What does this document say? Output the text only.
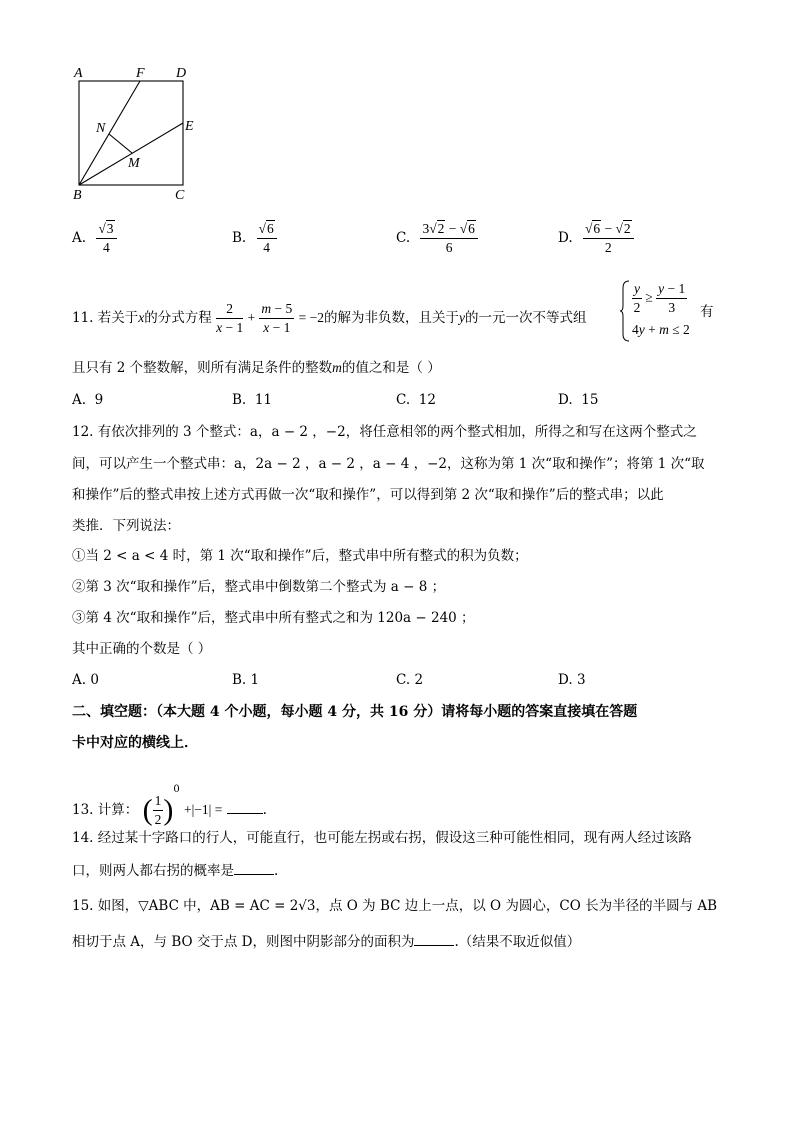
A	F D
N	E
M
B	C
A. $\frac{√3}{4}$	B. $\frac{√6}{4}$	C. $\frac{3√2 - √6}{6}$	D. $\frac{√6 - √2}{2}$
11. 若关于x的分式方程 $\frac{2}{x - 1} + \frac{m - 5}{x - 1} = -2$的解为非负数，且关于y的一元一次不等式组
$\frac{y}{2} \ge \frac{y - 1}{3}$
4y + m ≤ 2
有
且只有 2 个整数解，则所有满足条件的整数m的值之和是（ ）
A. 9	B. 11	C. 12	D. 15
12. 有依次排列的 3 个整式：a，a − 2 ，−2，将任意相邻的两个整式相加，所得之和写在这两个整式之
间，可以产生一个整式串：a，2a − 2 ，a − 2 ，a − 4 ，−2，这称为第 1 次“取和操作”；将第 1 次“取
和操作”后的整式串按上述方式再做一次“取和操作”，可以得到第 2 次“取和操作”后的整式串；以此
类推．下列说法：
①当 2 < a < 4 时，第 1 次“取和操作”后，整式串中所有整式的积为负数；
②第 3 次“取和操作”后，整式串中倒数第二个整式为 a − 8 ；
③第 4 次“取和操作”后，整式串中所有整式之和为 120a − 240 ；
其中正确的个数是（ ）
A. 0	B. 1	C. 2	D. 3
二、填空题：（本大题 4 个小题，每小题 4 分，共 16 分）请将每小题的答案直接填在答题
卡中对应的横线上．
13. 计算： ( $\frac{1}{2} )^0 +|-1|$ =	.
14. 经过某十字路口的行人，可能直行，也可能左拐或右拐，假设这三种可能性相同，现有两人经过该路
口，则两人都右拐的概率是	.
15. 如图，▽ABC 中，AB = AC = 2√3，点 O 为 BC 边上一点，以 O 为圆心，CO 长为半径的半圆与 AB
相切于点 A，与 BO 交于点 D，则图中阴影部分的面积为	.（结果不取近似值）
